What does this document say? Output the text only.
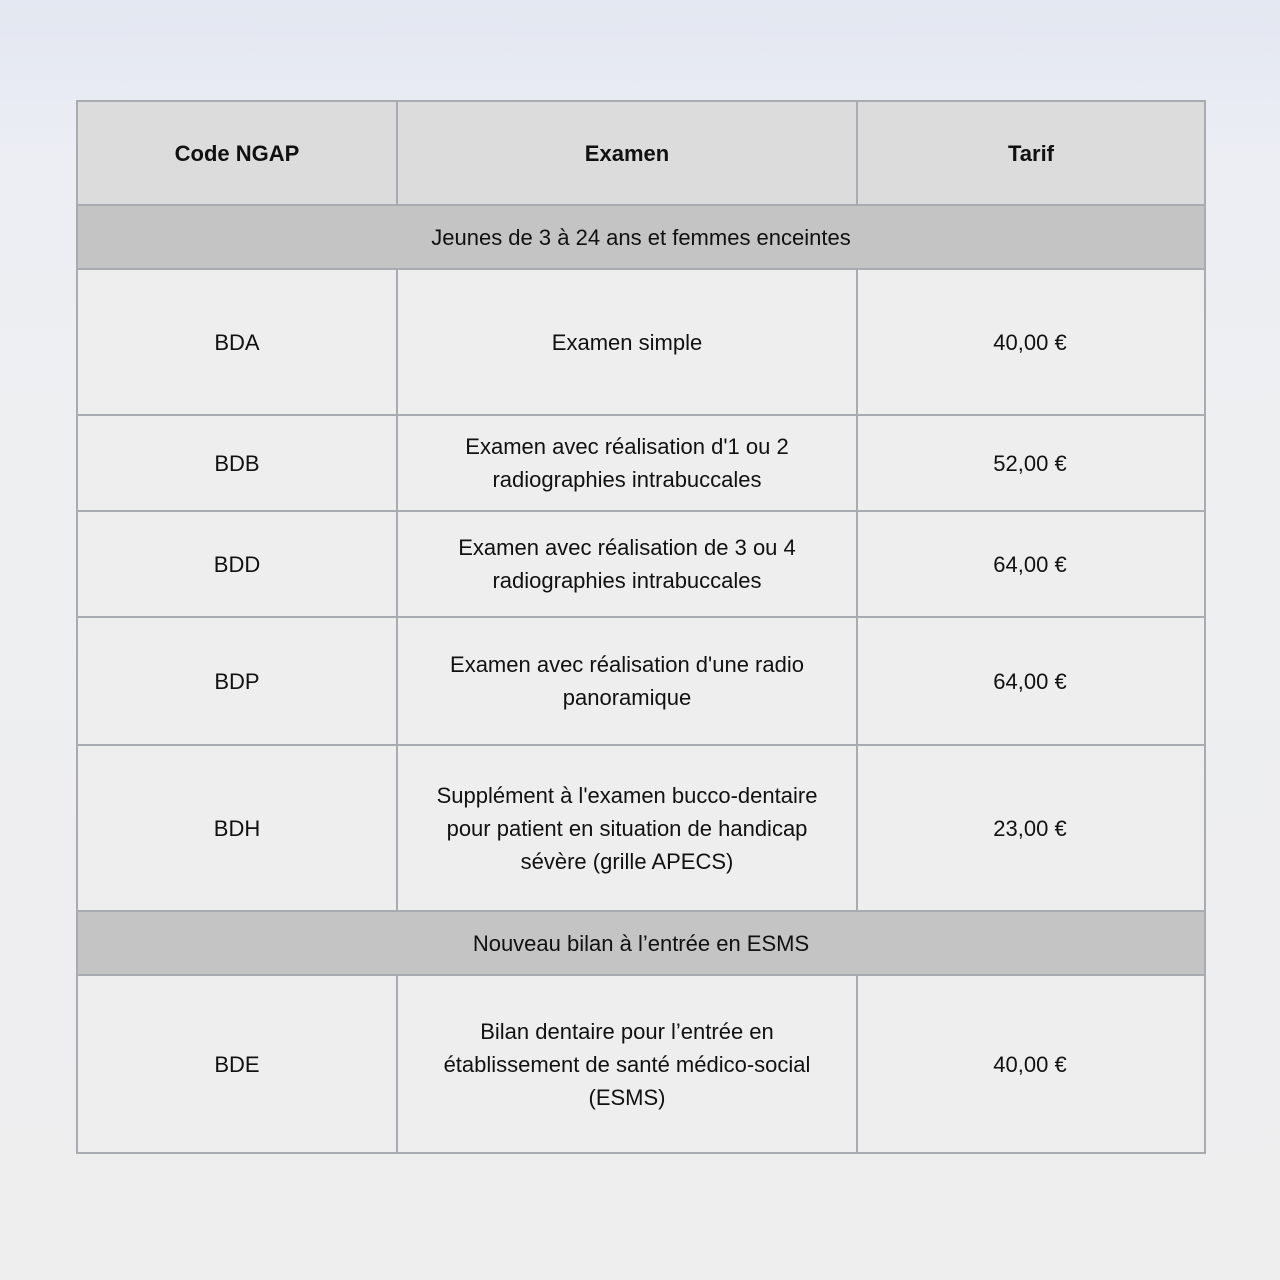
Code NGAP	Examen	Tarif
Jeunes de 3 à 24 ans et femmes enceintes		
BDA	Examen simple	40,00 €
BDB	Examen avec réalisation d'1 ou 2 radiographies intrabuccales	52,00 €
BDD	Examen avec réalisation de 3 ou 4 radiographies intrabuccales	64,00 €
BDP	Examen avec réalisation d'une radio panoramique	64,00 €
BDH	Supplément à l'examen bucco-dentaire pour patient en situation de handicap sévère (grille APECS)	23,00 €
Nouveau bilan à l’entrée en ESMS		
BDE	Bilan dentaire pour l’entrée en établissement de santé médico-social (ESMS)	40,00 €
